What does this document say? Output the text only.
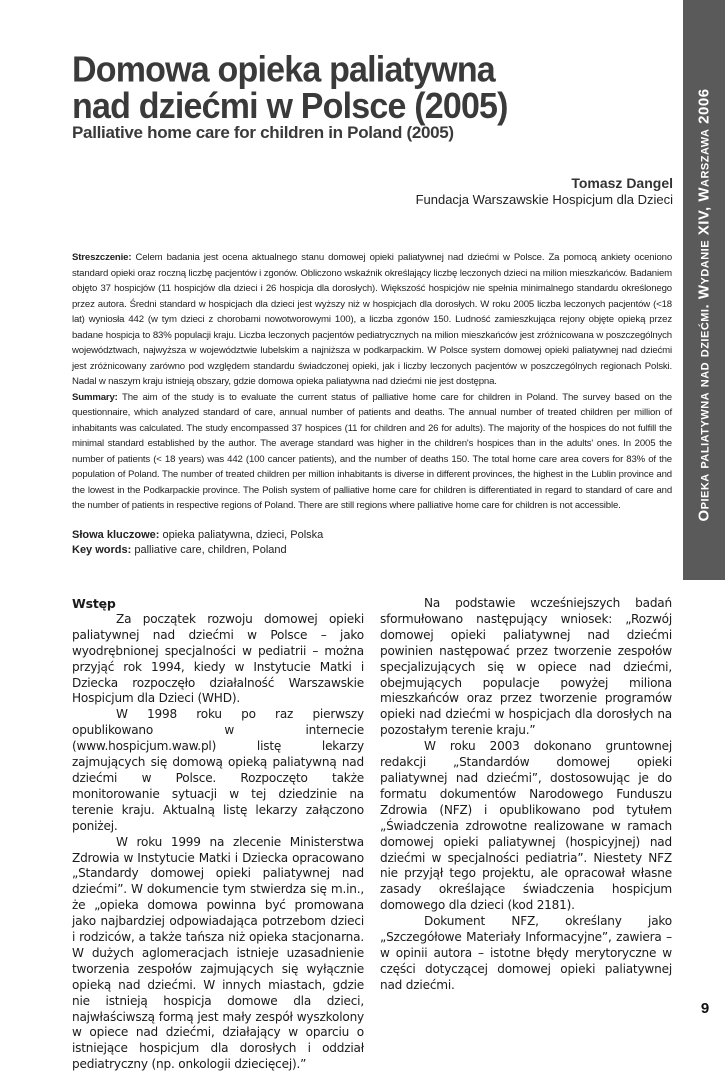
Opieka paliatywna nad dziećmi. Wydanie XIV, Warszawa 2006
Domowa opieka paliatywna
nad dziećmi w Polsce (2005)
Palliative home care for children in Poland (2005)
Tomasz Dangel
Fundacja Warszawskie Hospicjum dla Dzieci

Streszczenie: Celem badania jest ocena aktualnego stanu domowej opieki paliatywnej nad dziećmi w Polsce. Za pomocą ankiety oceniono standard opieki oraz roczną liczbę pacjentów i zgonów. Obliczono wskaźnik określający liczbę leczonych dzieci na milion mieszkańców. Badaniem objęto 37 hospicjów (11 hospicjów dla dzieci i 26 hospicja dla dorosłych). Większość hospicjów nie spełnia minimalnego standardu określonego przez autora. Średni standard w hospicjach dla dzieci jest wyższy niż w hospicjach dla dorosłych. W roku 2005 liczba leczonych pacjentów (<18 lat) wyniosła 442 (w tym dzieci z chorobami nowotworowymi 100), a liczba zgonów 150. Ludność zamieszkująca rejony objęte opieką przez badane hospicja to 83% populacji kraju. Liczba leczonych pacjentów pediatrycznych na milion mieszkańców jest zróżnicowana w poszczególnych województwach, najwyższa w województwie lubelskim a najniższa w podkarpackim. W Polsce system domowej opieki paliatywnej nad dziećmi jest zróżnicowany zarówno pod względem standardu świadczonej opieki, jak i liczby leczonych pacjentów w poszczególnych regionach Polski. Nadal w naszym kraju istnieją obszary, gdzie domowa opieka paliatywna nad dziećmi nie jest dostępna.

Summary: The aim of the study is to evaluate the current status of palliative home care for children in Poland. The survey based on the questionnaire, which analyzed standard of care, annual number of patients and deaths. The annual number of treated children per million of inhabitants was calculated. The study encompassed 37 hospices (11 for children and 26 for adults). The majority of the hospices do not fulfill the minimal standard established by the author. The average standard was higher in the children's hospices than in the adults' ones. In 2005 the number of patients (< 18 years) was 442 (100 cancer patients), and the number of deaths 150. The total home care area covers for 83% of the population of Poland. The number of treated children per million inhabitants is diverse in different provinces, the highest in the Lublin province and the lowest in the Podkarpackie province. The Polish system of palliative home care for children is differentiated in regard to standard of care and the number of patients in respective regions of Poland. There are still regions where palliative home care for children is not accessible.

Słowa kluczowe: opieka paliatywna, dzieci, Polska

Key words: palliative care, children, Poland

Wstęp

Za początek rozwoju domowej opieki paliatywnej nad dziećmi w Polsce – jako wyodrębnionej specjalności w pediatrii – można przyjąć rok 1994, kiedy w Instytucie Matki i Dziecka rozpoczęło działalność Warszawskie Hospicjum dla Dzieci (WHD).

W 1998 roku po raz pierwszy opublikowano w internecie (www.hospicjum.waw.pl) listę lekarzy zajmujących się domową opieką paliatywną nad dziećmi w Polsce. Rozpoczęto także monitorowanie sytuacji w tej dziedzinie na terenie kraju. Aktualną listę lekarzy załączono poniżej.

W roku 1999 na zlecenie Ministerstwa Zdrowia w Instytucie Matki i Dziecka opracowano „Standardy domowej opieki paliatywnej nad dziećmi”. W dokumencie tym stwierdza się m.in., że „opieka domowa powinna być promowana jako najbardziej odpowiadająca potrzebom dzieci i rodziców, a także tańsza niż opieka stacjonarna. W dużych aglomeracjach istnieje uzasadnienie tworzenia zespołów zajmujących się wyłącznie opieką nad dziećmi. W innych miastach, gdzie nie istnieją hospicja domowe dla dzieci, najwłaściwszą formą jest mały zespół wyszkolony w opiece nad dziećmi, działający w oparciu o istniejące hospicjum dla dorosłych i oddział pediatryczny (np. onkologii dziecięcej).”

Na podstawie wcześniejszych badań sformułowano następujący wniosek: „Rozwój domowej opieki paliatywnej nad dziećmi powinien następować przez tworzenie zespołów specjalizujących się w opiece nad dziećmi, obejmujących populacje powyżej miliona mieszkańców oraz przez tworzenie programów opieki nad dziećmi w hospicjach dla dorosłych na pozostałym terenie kraju.”

W roku 2003 dokonano gruntownej redakcji „Standardów domowej opieki paliatywnej nad dziećmi”, dostosowując je do formatu dokumentów Narodowego Funduszu Zdrowia (NFZ) i opublikowano pod tytułem „Świadczenia zdrowotne realizowane w ramach domowej opieki paliatywnej (hospicyjnej) nad dziećmi w specjalności pediatria”. Niestety NFZ nie przyjął tego projektu, ale opracował własne zasady określające świadczenia hospicjum domowego dla dzieci (kod 2181).

Dokument NFZ, określany jako „Szczegółowe Materiały Informacyjne”, zawiera – w opinii autora – istotne błędy merytoryczne w części dotyczącej domowej opieki paliatywnej nad dziećmi.

9
